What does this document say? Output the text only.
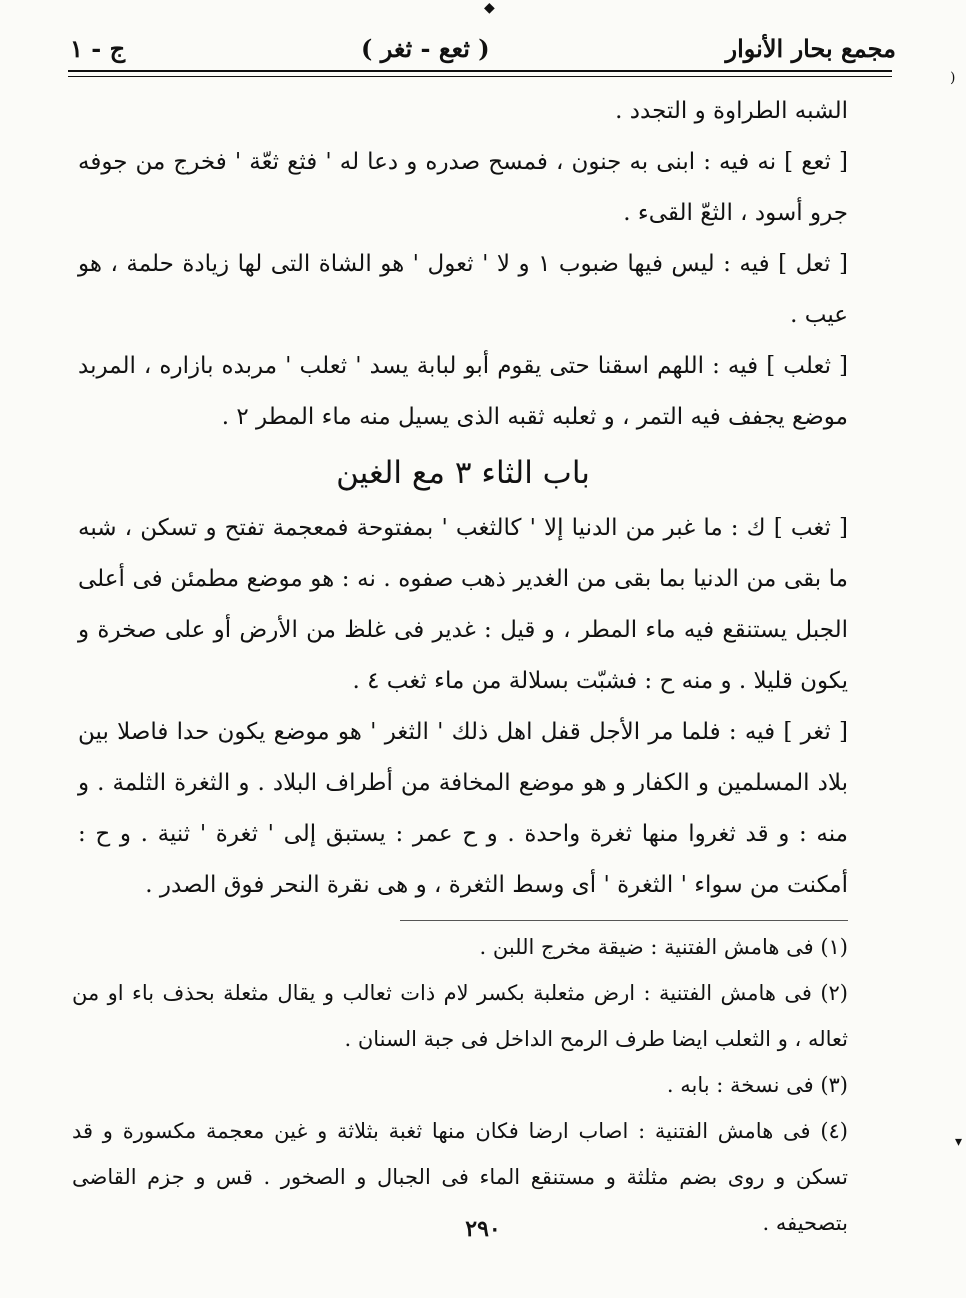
◆
)
▾
مجمع بحار الأنوار
( ثعع - ثغر )
ج - ١

الشبه الطراوة و التجدد .

[ ثعع ] نه فيه : ابنى به جنون ، فمسح صدره و دعا له ' فثع ثعّة ' فخرج من جوفه جرو أسود ، الثعّ القىء .

[ ثعل ] فيه : ليس فيها ضبوب ١ و لا ' ثعول ' هو الشاة التى لها زيادة حلمة ، هو عيب .

[ ثعلب ] فيه : اللهم اسقنا حتى يقوم أبو لبابة يسد ' ثعلب ' مربده بازاره ، المربد موضع يجفف فيه التمر ، و ثعلبه ثقبه الذى يسيل منه ماء المطر ٢ .

باب الثاء ٣ مع الغين

[ ثغب ] ك : ما غبر من الدنيا إلا ' كالثغب ' بمفتوحة فمعجمة تفتح و تسكن ، شبه ما بقى من الدنيا بما بقى من الغدير ذهب صفوه . نه : هو موضع مطمئن فى أعلى الجبل يستنقع فيه ماء المطر ، و قيل : غدير فى غلظ من الأرض أو على صخرة و يكون قليلا . و منه ح : فشبّت بسلالة من ماء ثغب ٤ .

[ ثغر ] فيه : فلما مر الأجل قفل اهل ذلك ' الثغر ' هو موضع يكون حدا فاصلا بين بلاد المسلمين و الكفار و هو موضع المخافة من أطراف البلاد . و الثغرة الثلمة . و منه : و قد ثغروا منها ثغرة واحدة . و ح عمر : يستبق إلى ' ثغرة ' ثنية . و ح : أمكنت من سواء ' الثغرة ' أى وسط الثغرة ، و هى نقرة النحر فوق الصدر .

(١) فى هامش الفتنية : ضيقة مخرج اللبن .

(٢) فى هامش الفتنية : ارض مثعلبة بكسر لام ذات ثعالب و يقال مثعلة بحذف باء او من ثعاله ، و الثعلب ايضا طرف الرمح الداخل فى جبة السنان .

(٣) فى نسخة : بابه .

(٤) فى هامش الفتنية : اصاب ارضا فكان منها ثغبة بثلاثة و غين معجمة مكسورة و قد تسكن و روى بضم مثلثة و مستنقع الماء فى الجبال و الصخور . قس و جزم القاضى بتصحيفه .

٢٩٠
